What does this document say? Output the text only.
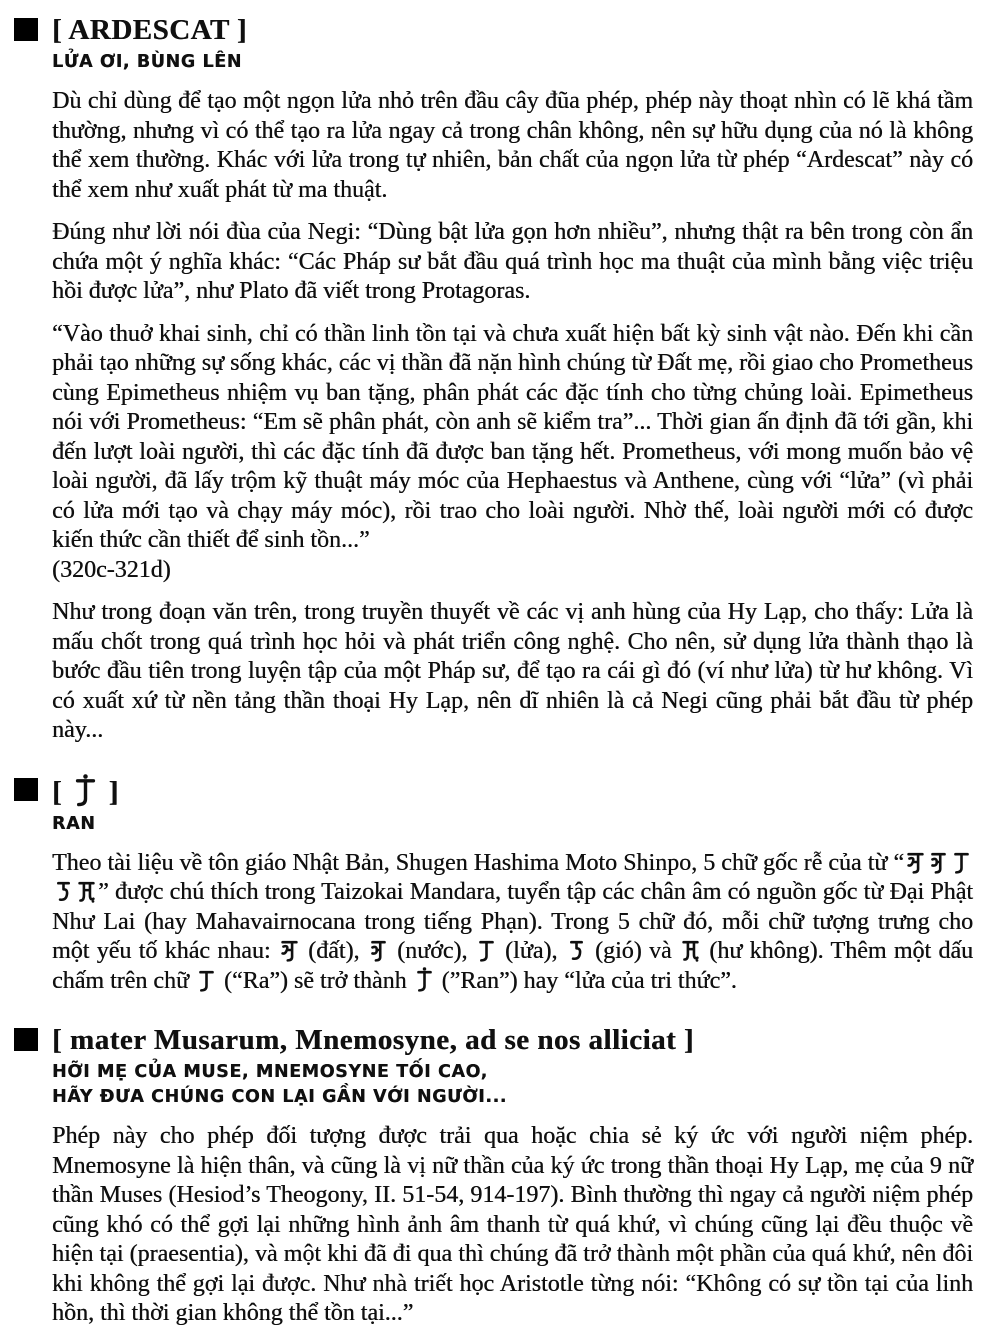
[ ARDESCAT ]
LỬA ƠI, BÙNG LÊN

Dù chỉ dùng để tạo một ngọn lửa nhỏ trên đầu cây đũa phép, phép này thoạt nhìn có lẽ khá tầm thường, nhưng vì có thể tạo ra lửa ngay cả trong chân không, nên sự hữu dụng của nó là không thể xem thường. Khác với lửa trong tự nhiên, bản chất của ngọn lửa từ phép “Ardescat” này có thể xem như xuất phát từ ma thuật.

Đúng như lời nói đùa của Negi: “Dùng bật lửa gọn hơn nhiều”, nhưng thật ra bên trong còn ẩn chứa một ý nghĩa khác: “Các Pháp sư bắt đầu quá trình học ma thuật của mình bằng việc triệu hồi được lửa”, như Plato đã viết trong Protagoras.

“Vào thuở khai sinh, chỉ có thần linh tồn tại và chưa xuất hiện bất kỳ sinh vật nào. Đến khi cần phải tạo những sự sống khác, các vị thần đã nặn hình chúng từ Đất mẹ, rồi giao cho Prometheus cùng Epimetheus nhiệm vụ ban tặng, phân phát các đặc tính cho từng chủng loài. Epimetheus nói với Prometheus: “Em sẽ phân phát, còn anh sẽ kiểm tra”... Thời gian ấn định đã tới gần, khi đến lượt loài người, thì các đặc tính đã được ban tặng hết. Prometheus, với mong muốn bảo vệ loài người, đã lấy trộm kỹ thuật máy móc của Hephaestus và Anthene, cùng với “lửa” (vì phải có lửa mới tạo và chạy máy móc), rồi trao cho loài người. Nhờ thế, loài người mới có được kiến thức cần thiết để sinh tồn...”
(320c-321d)

Như trong đoạn văn trên, trong truyền thuyết về các vị anh hùng của Hy Lạp, cho thấy: Lửa là mấu chốt trong quá trình học hỏi và phát triển công nghệ. Cho nên, sử dụng lửa thành thạo là bước đầu tiên trong luyện tập của một Pháp sư, để tạo ra cái gì đó (ví như lửa) từ hư không. Vì có xuất xứ từ nền tảng thần thoại Hy Lạp, nên dĩ nhiên là cả Negi cũng phải bắt đầu từ phép này...

[
]
RAN

Theo tài liệu về tôn giáo Nhật Bản, Shugen Hashima Moto Shinpo, 5 chữ gốc rễ của từ “
” được chú thích trong Taizokai Mandara, tuyển tập các chân âm có nguồn gốc từ Đại Phật Như Lai (hay Mahavairnocana trong tiếng Phạn). Trong 5 chữ đó, mỗi chữ tượng trưng cho một yếu tố khác nhau:
(đất),
(nước),
(lửa),
(gió) và
(hư không). Thêm một dấu chấm trên chữ
(“Ra”) sẽ trở thành
(”Ran”) hay “lửa của tri thức”.

[ mater Musarum, Mnemosyne, ad se nos alliciat ]
HỠI MẸ CỦA MUSE, MNEMOSYNE TỐI CAO,
HÃY ĐƯA CHÚNG CON LẠI GẦN VỚI NGƯỜI...

Phép này cho phép đối tượng được trải qua hoặc chia sẻ ký ức với người niệm phép. Mnemosyne là hiện thân, và cũng là vị nữ thần của ký ức trong thần thoại Hy Lạp, mẹ của 9 nữ thần Muses (Hesiod’s Theogony, II. 51-54, 914-197). Bình thường thì ngay cả người niệm phép cũng khó có thể gợi lại những hình ảnh âm thanh từ quá khứ, vì chúng cũng lại đều thuộc về hiện tại (praesentia), và một khi đã đi qua thì chúng đã trở thành một phần của quá khứ, nên đôi khi không thể gợi lại được. Như nhà triết học Aristotle từng nói: “Không có sự tồn tại của linh hồn, thì thời gian không thể tồn tại...”
